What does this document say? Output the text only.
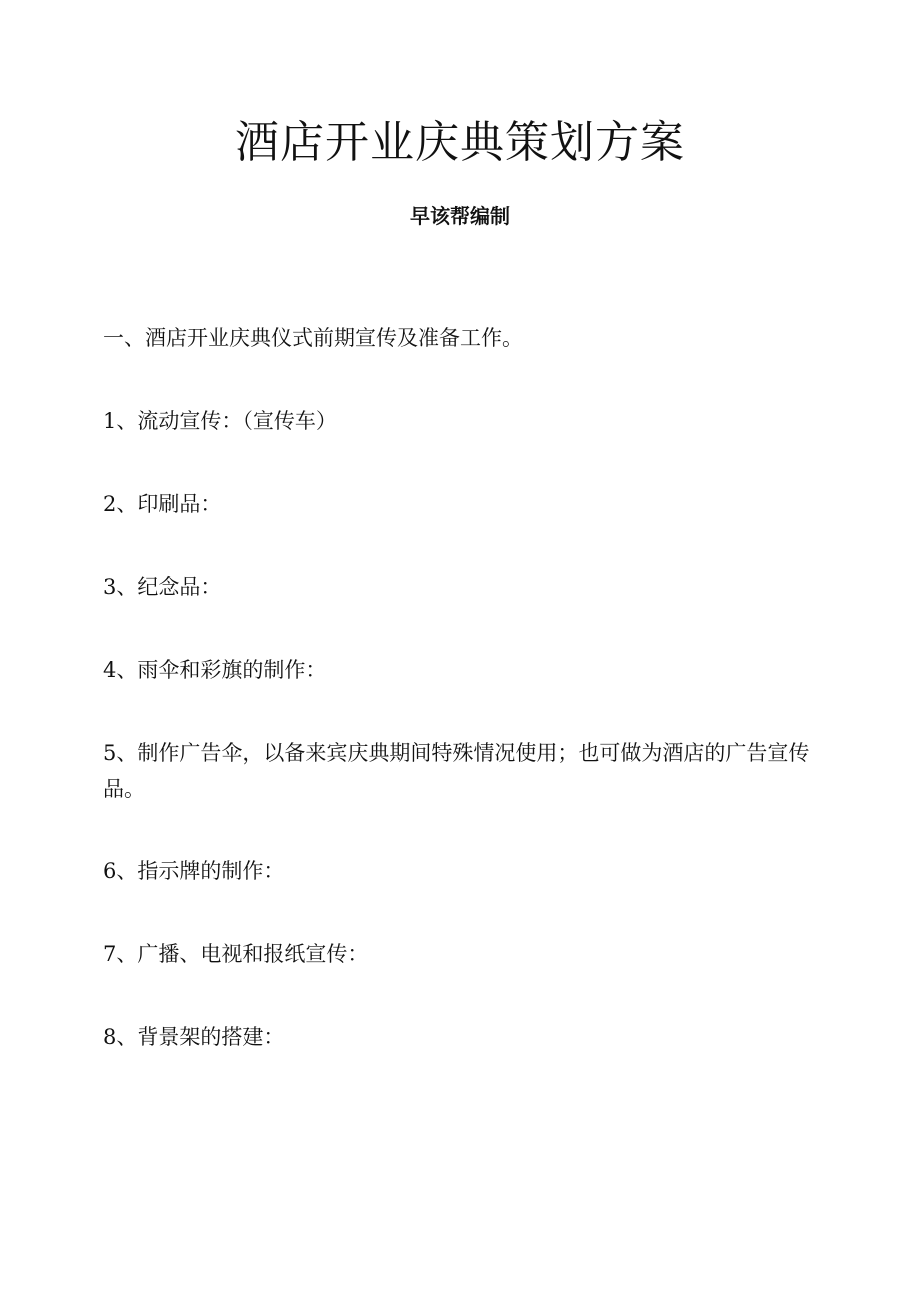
酒店开业庆典策划方案

早该帮编制

一、酒店开业庆典仪式前期宣传及准备工作。

1、流动宣传：（宣传车）

2、印刷品：

3、纪念品：

4、雨伞和彩旗的制作：

5、制作广告伞，以备来宾庆典期间特殊情况使用；也可做为酒店的广告宣传品。

6、指示牌的制作：

7、广播、电视和报纸宣传：

8、背景架的搭建：
